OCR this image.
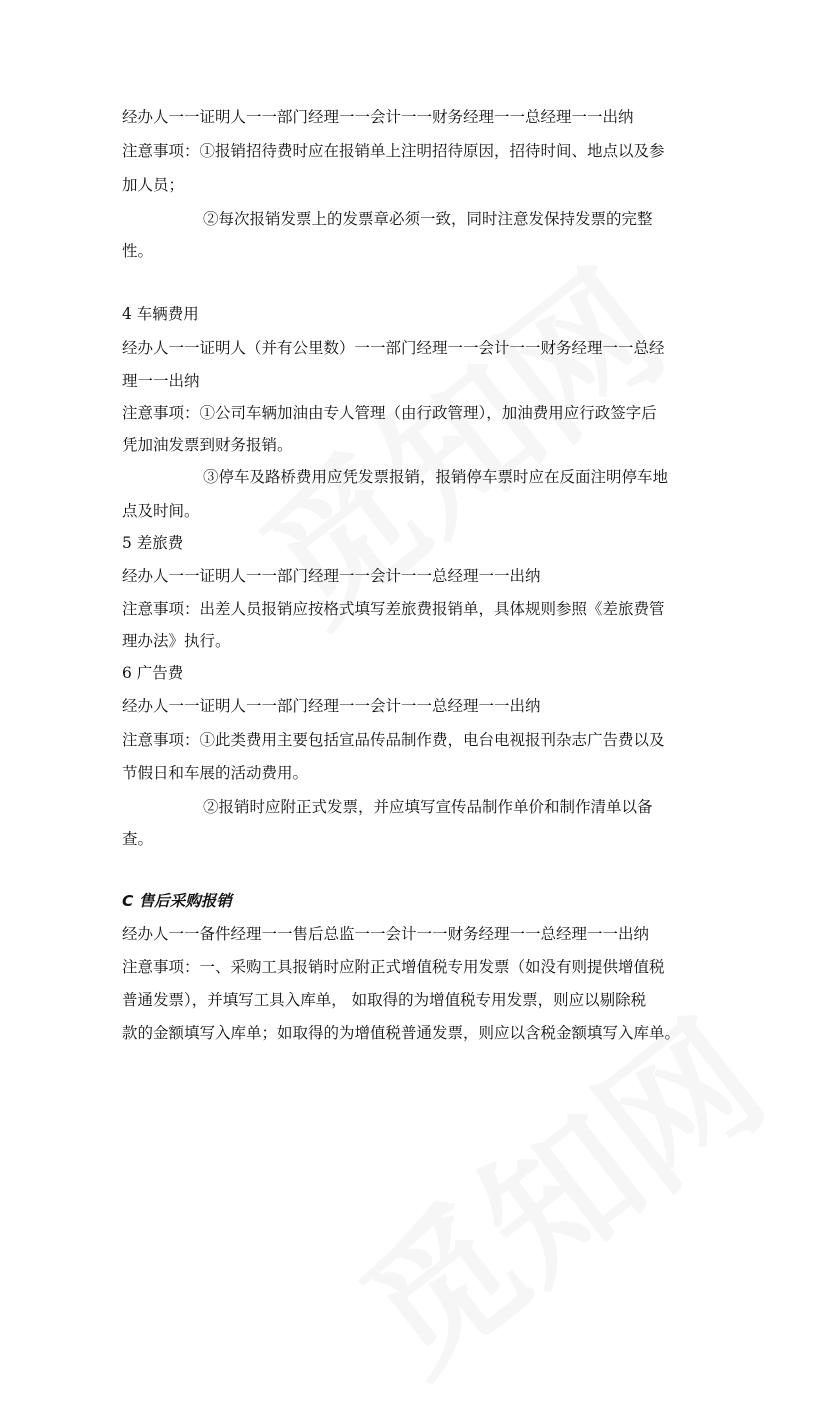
经办人一一证明人一一部门经理一一会计一一财务经理一一总经理一一出纳
注意事项：①报销招待费时应在报销单上注明招待原因，招待时间、地点以及参
加人员；
②每次报销发票上的发票章必须一致，同时注意发保持发票的完整
性。
4 车辆费用
经办人一一证明人（并有公里数）一一部门经理一一会计一一财务经理一一总经
理一一出纳
注意事项：①公司车辆加油由专人管理（由行政管理），加油费用应行政签字后
凭加油发票到财务报销。
③停车及路桥费用应凭发票报销，报销停车票时应在反面注明停车地
点及时间。
5 差旅费
经办人一一证明人一一部门经理一一会计一一总经理一一出纳
注意事项：出差人员报销应按格式填写差旅费报销单，具体规则参照《差旅费管
理办法》执行。
6 广告费
经办人一一证明人一一部门经理一一会计一一总经理一一出纳
注意事项：①此类费用主要包括宣品传品制作费，电台电视报刊杂志广告费以及
节假日和车展的活动费用。
②报销时应附正式发票，并应填写宣传品制作单价和制作清单以备
查。
C 售后采购报销
经办人一一备件经理一一售后总监一一会计一一财务经理一一总经理一一出纳
注意事项：一、采购工具报销时应附正式增值税专用发票（如没有则提供增值税
普通发票），并填写工具入库单， 如取得的为增值税专用发票，则应以剔除税
款的金额填写入库单；如取得的为增值税普通发票，则应以含税金额填写入库单。
